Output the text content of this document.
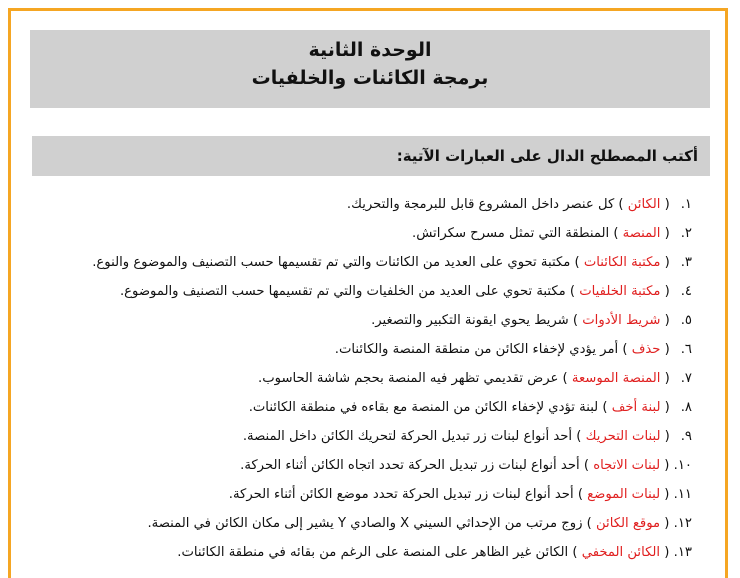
الوحدة الثانية
برمجة الكائنات والخلفيات
أكتب المصطلح الدال على العبارات الآتية:
١. ( الكائن ) كل عنصر داخل المشروع قابل للبرمجة والتحريك.
٢. ( المنصة ) المنطقة التي تمثل مسرح سكراتش.
٣. ( مكتبة الكائنات ) مكتبة تحوي على العديد من الكائنات والتي تم تقسيمها حسب التصنيف والموضوع والنوع.
٤. ( مكتبة الخلفيات ) مكتبة تحوي على العديد من الخلفيات والتي تم تقسيمها حسب التصنيف والموضوع.
٥. ( شريط الأدوات ) شريط يحوي ايقونة التكبير والتصغير.
٦. ( حذف ) أمر يؤدي لإخفاء الكائن من منطقة المنصة والكائنات.
٧. ( المنصة الموسعة ) عرض تقديمي تظهر فيه المنصة بحجم شاشة الحاسوب.
٨. ( لبنة أخف ) لبنة تؤدي لإخفاء الكائن من المنصة مع بقاءه في منطقة الكائنات.
٩. ( لبنات التحريك ) أحد أنواع لبنات زر تبديل الحركة لتحريك الكائن داخل المنصة.
١٠. ( لبنات الاتجاه ) أحد أنواع لبنات زر تبديل الحركة تحدد اتجاه الكائن أثناء الحركة.
١١. ( لبنات الموضع ) أحد أنواع لبنات زر تبديل الحركة تحدد موضع الكائن أثناء الحركة.
١٢. ( موقع الكائن ) زوج مرتب من الإحداثي السيني X والصادي Y يشير إلى مكان الكائن في المنصة.
١٣. ( الكائن المخفي ) الكائن غير الظاهر على المنصة على الرغم من بقائه في منطقة الكائنات.
